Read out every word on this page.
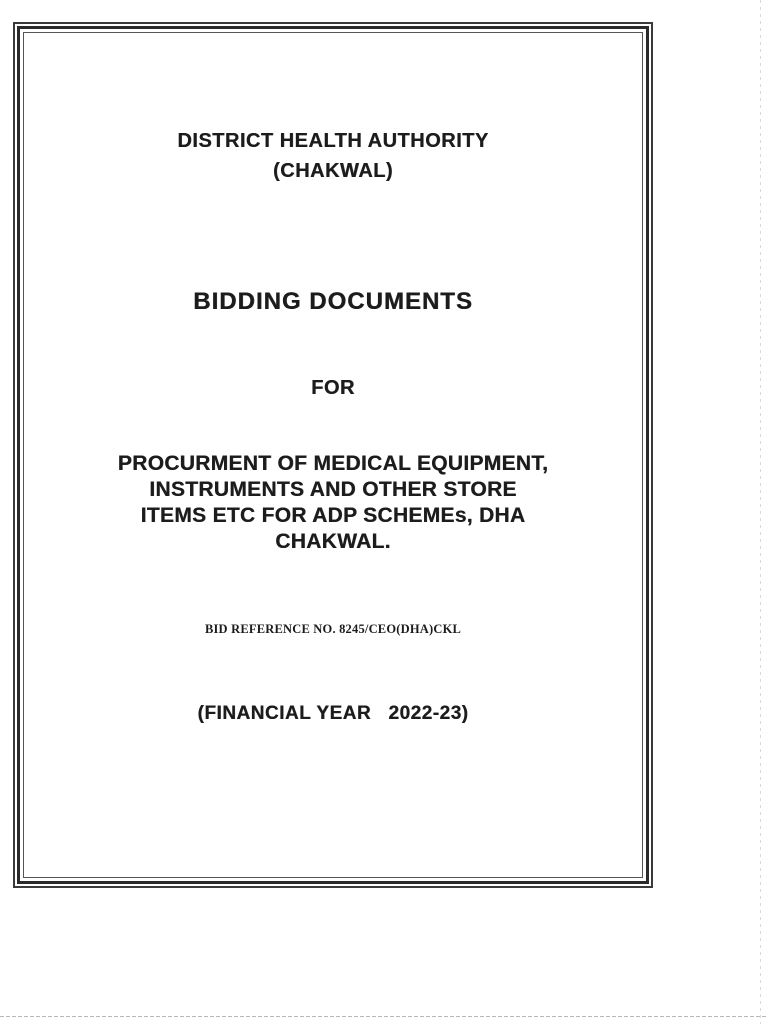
DISTRICT HEALTH AUTHORITY
(CHAKWAL)
BIDDING DOCUMENTS
FOR
PROCURMENT OF MEDICAL EQUIPMENT,
INSTRUMENTS AND OTHER STORE
ITEMS ETC FOR ADP SCHEMEs, DHA
CHAKWAL.
BID REFERENCE NO. 8245/CEO(DHA)CKL
(FINANCIAL YEAR   2022-23)
